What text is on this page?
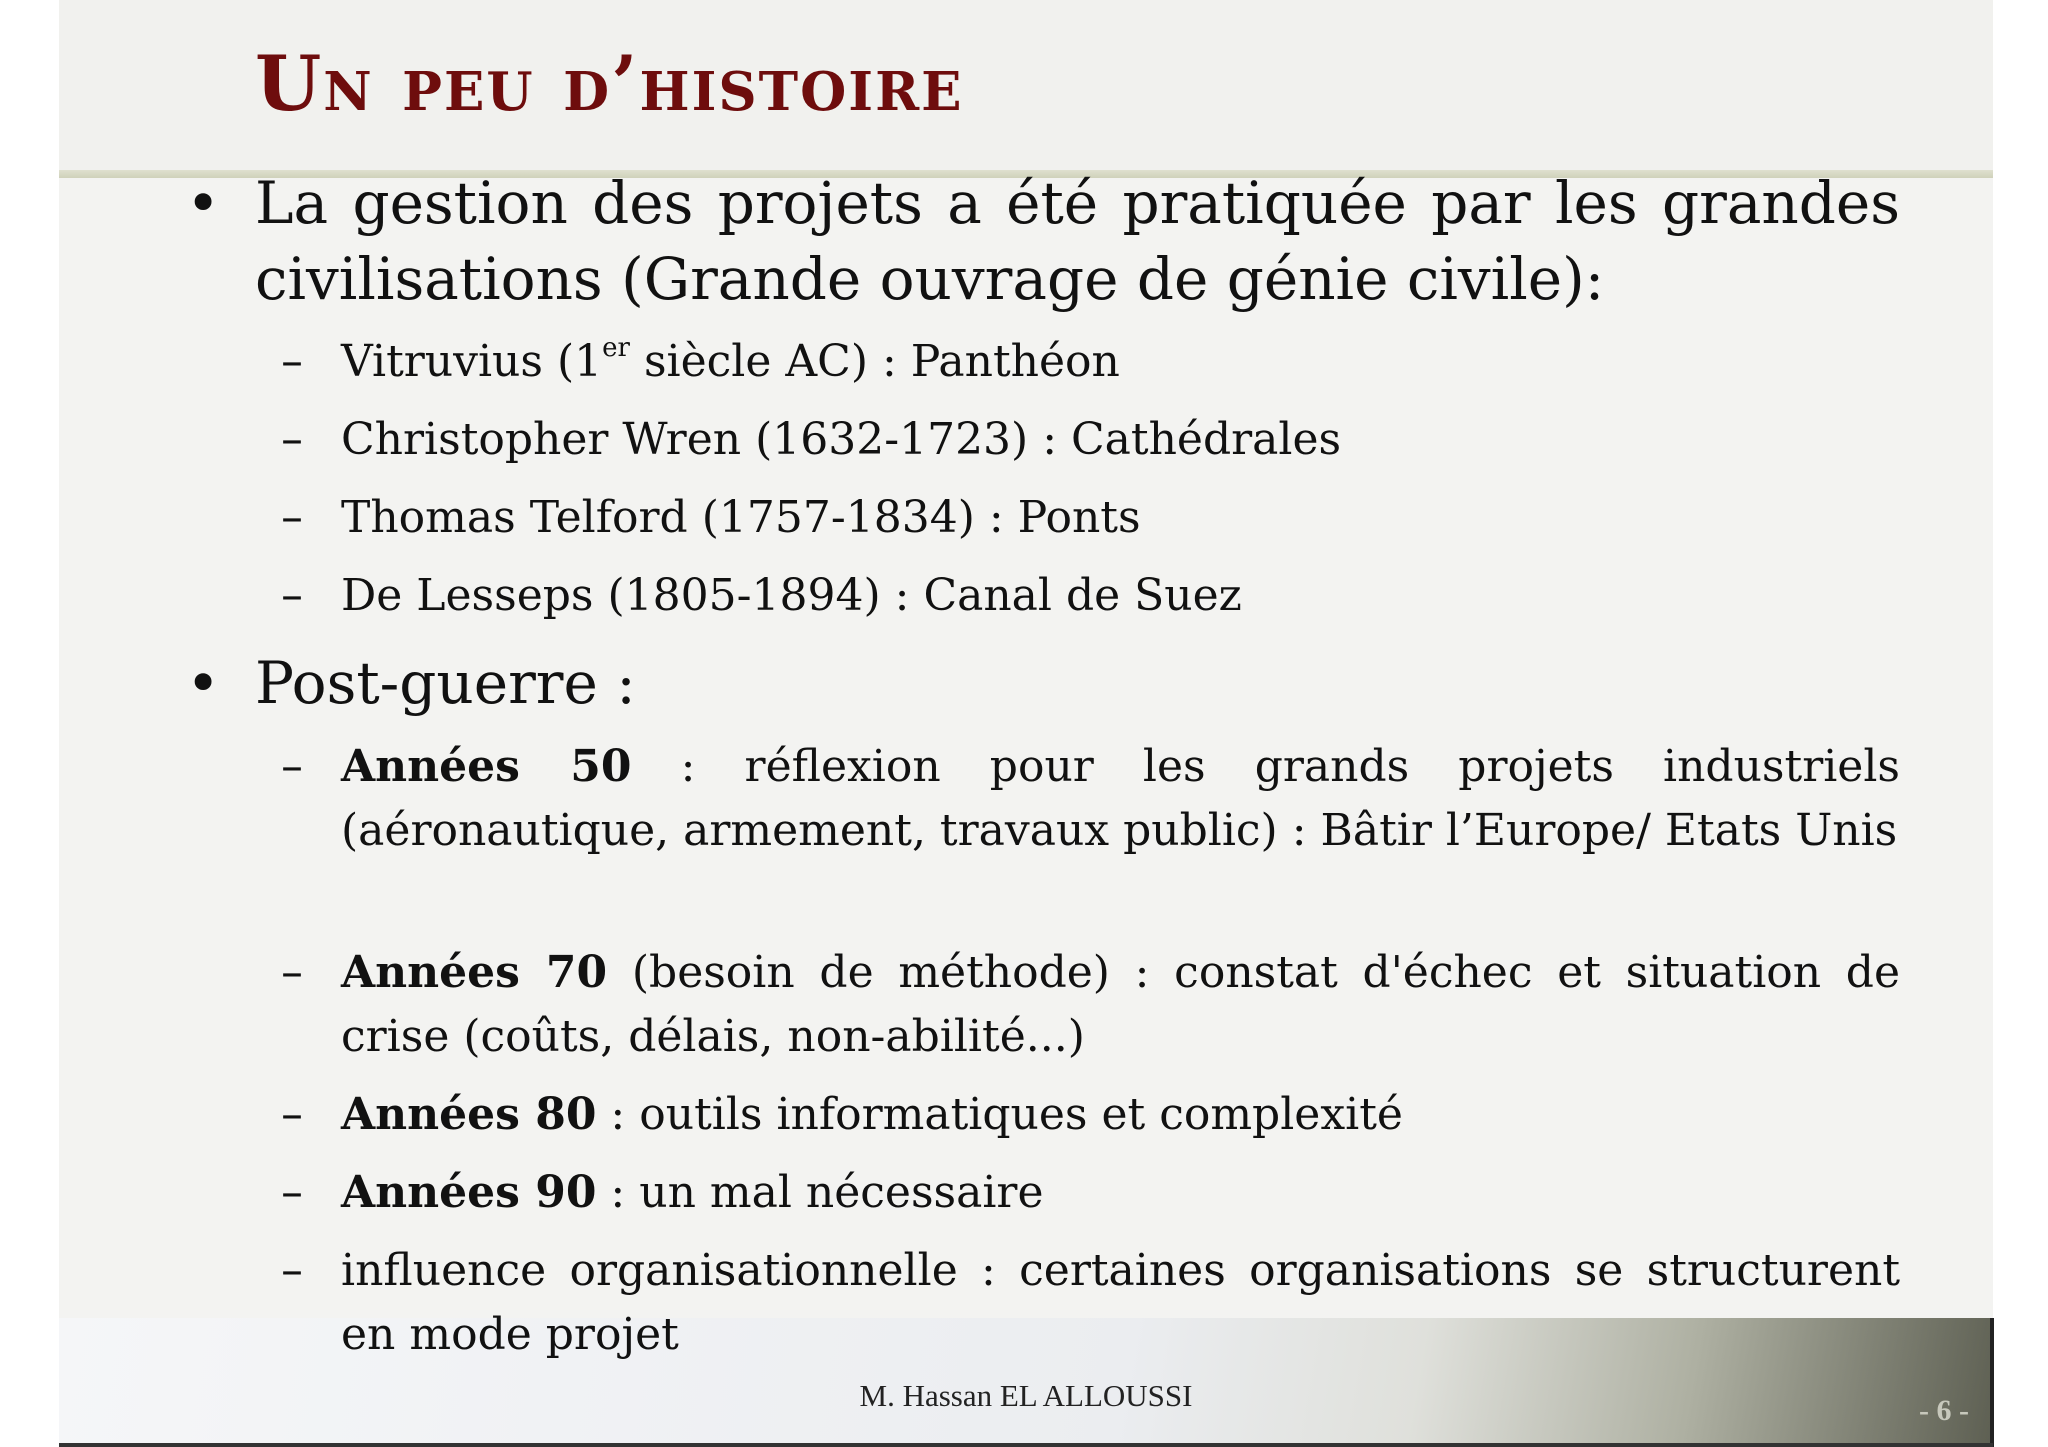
Un peu d’histoire
• La gestion des projets a été pratiquée par les grandes civilisations (Grande ouvrage de génie civile):

– Vitruvius (1er siècle AC) : Panthéon

– Christopher Wren (1632-1723) : Cathédrales

– Thomas Telford (1757-1834) : Ponts

– De Lesseps (1805-1894) : Canal de Suez

• Post-guerre :

– Années 50 : réflexion pour les grands projets industriels (aéronautique, armement, travaux public) : Bâtir l’Europe/ Etats Unis

– Années 70 (besoin de méthode) : constat d'échec et situation de crise (coûts, délais, non-abilité...)

– Années 80 : outils informatiques et complexité

– Années 90 : un mal nécessaire

– influence organisationnelle : certaines organisations se structurent en mode projet

M. Hassan EL ALLOUSSI	- 6 -
